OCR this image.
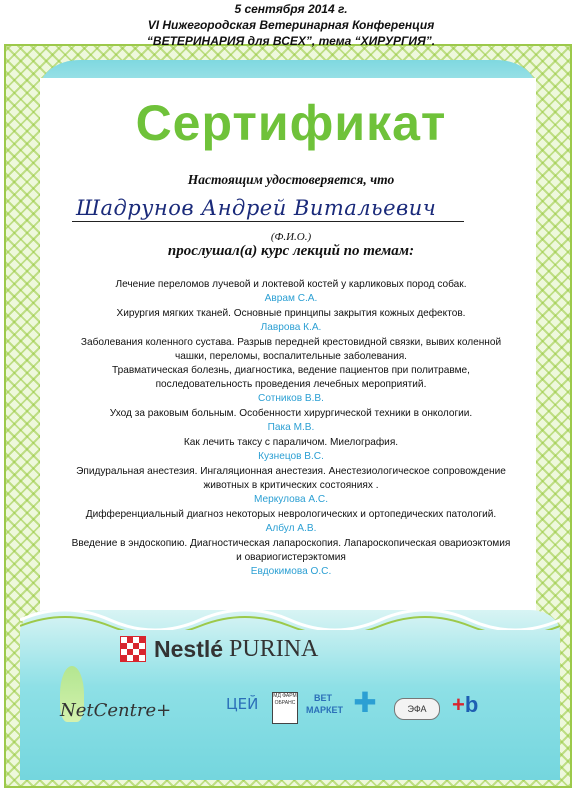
5 сентября 2014 г.
VI Нижегородская Ветеринарная Конференция
“ВЕТЕРИНАРИЯ для ВСЕХ”, тема “ХИРУРГИЯ”.
Сертификат
Настоящим удостоверяется, что
Шадрунов Андрей Витальевич
(Ф.И.О.)
прослушал(а) курс лекций по темам:
Лечение переломов лучевой и локтевой костей у карликовых пород собак.
Аврам С.А.
Хирургия мягких тканей. Основные принципы закрытия кожных дефектов.
Лаврова К.А.
Заболевания коленного сустава. Разрыв передней крестовидной связки, вывих коленной чашки, переломы, воспалительные заболевания.
Травматическая болезнь, диагностика, ведение пациентов при политравме, последовательность проведения лечебных мероприятий.
Сотников В.В.
Уход за раковым больным. Особенности хирургической техники в онкологии.
Пака М.В.
Как лечить таксу с параличом. Миелография.
Кузнецов В.С.
Эпидуральная анестезия. Ингаляционная анестезия. Анестезиологическое сопровождение животных в критических состояниях .
Меркулова А.С.
Дифференциальный диагноз некоторых неврологических и ортопедических патологий.
Албул А.В.
Введение в эндоскопию. Диагностическая лапароскопия. Лапароскопическая овариоэктомия и овариогистерэктомия
Евдокимова О.С.
Nestlé PURINA
NetCentre+	ЦЕЙ	МД ФАРМ ОБРАНС	ВЕТ МАРКЕТ ✚	ЭФА	+b
